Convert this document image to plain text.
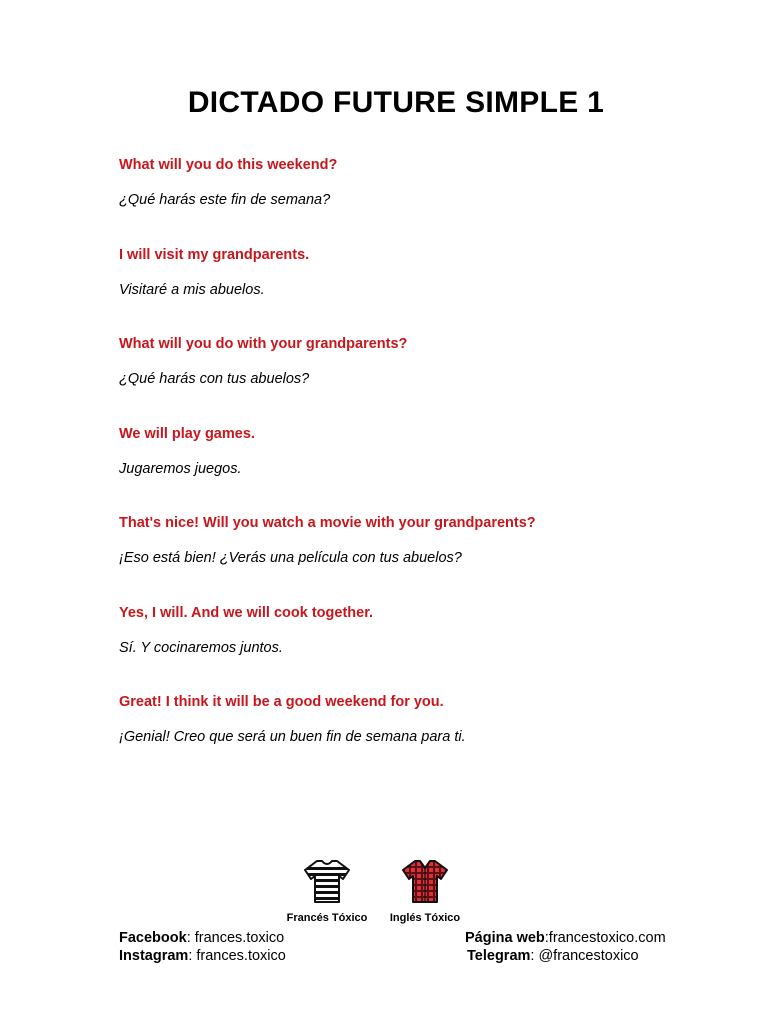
DICTADO FUTURE SIMPLE 1

What will you do this weekend?

¿Qué harás este fin de semana?

I will visit my grandparents.

Visitaré a mis abuelos.

What will you do with your grandparents?

¿Qué harás con tus abuelos?

We will play games.

Jugaremos juegos.

That's nice! Will you watch a movie with your grandparents?

¡Eso está bien! ¿Verás una película con tus abuelos?

Yes, I will. And we will cook together.

Sí. Y cocinaremos juntos.

Great! I think it will be a good weekend for you.

¡Genial! Creo que será un buen fin de semana para ti.

Francés Tóxico	Inglés Tóxico
Facebook: frances.toxico	Página web:francestoxico.com
Instagram: frances.toxico	Telegram: @francestoxico
